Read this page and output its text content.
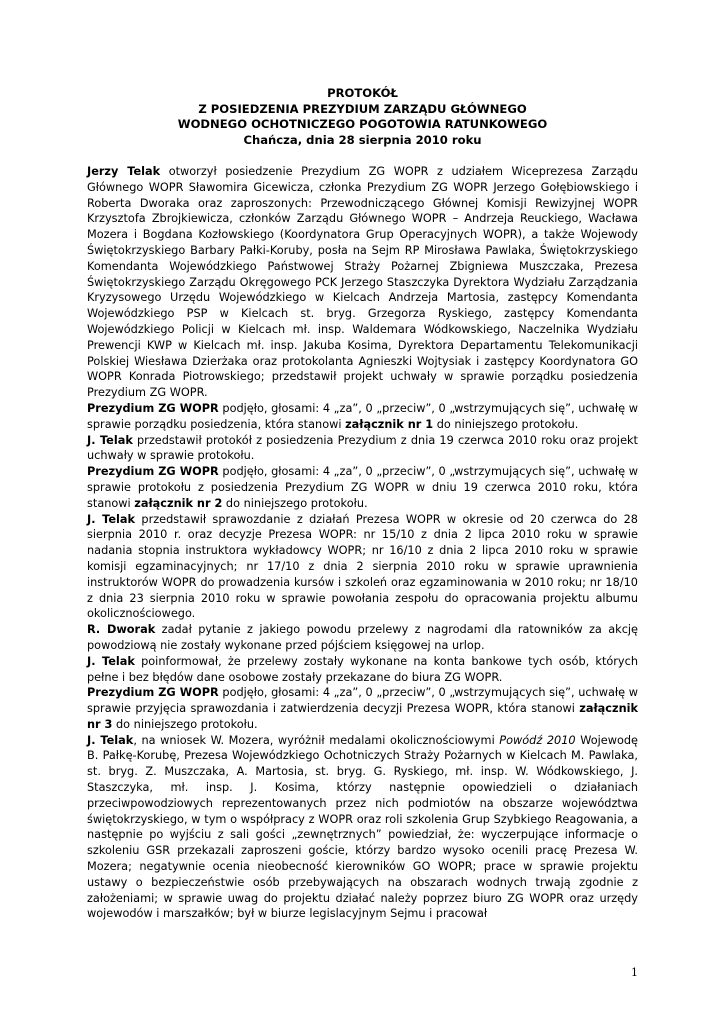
PROTOKÓŁ
Z POSIEDZENIA PREZYDIUM ZARZĄDU GŁÓWNEGO
WODNEGO OCHOTNICZEGO POGOTOWIA RATUNKOWEGO
Chańcza, dnia 28 sierpnia 2010 roku

Jerzy Telak otworzył posiedzenie Prezydium ZG WOPR z udziałem Wiceprezesa Zarządu Głównego WOPR Sławomira Gicewicza, członka Prezydium ZG WOPR Jerzego Gołębiowskiego i Roberta Dworaka oraz zaproszonych: Przewodniczącego Głównej Komisji Rewizyjnej WOPR Krzysztofa Zbrojkiewicza, członków Zarządu Głównego WOPR – Andrzeja Reuckiego, Wacława Mozera i Bogdana Kozłowskiego (Koordynatora Grup Operacyjnych WOPR), a także Wojewody Świętokrzyskiego Barbary Pałki-Koruby, posła na Sejm RP Mirosława Pawlaka, Świętokrzyskiego Komendanta Wojewódzkiego Państwowej Straży Pożarnej Zbigniewa Muszczaka, Prezesa Świętokrzyskiego Zarządu Okręgowego PCK Jerzego Staszczyka Dyrektora Wydziału Zarządzania Kryzysowego Urzędu Wojewódzkiego w Kielcach Andrzeja Martosia, zastępcy Komendanta Wojewódzkiego PSP w Kielcach st. bryg. Grzegorza Ryskiego, zastępcy Komendanta Wojewódzkiego Policji w Kielcach mł. insp. Waldemara Wódkowskiego, Naczelnika Wydziału Prewencji KWP w Kielcach mł. insp. Jakuba Kosima, Dyrektora Departamentu Telekomunikacji Polskiej Wiesława Dzierżaka oraz protokolanta Agnieszki Wojtysiak i zastępcy Koordynatora GO WOPR Konrada Piotrowskiego; przedstawił projekt uchwały w sprawie porządku posiedzenia Prezydium ZG WOPR.

Prezydium ZG WOPR podjęło, głosami: 4 „za”, 0 „przeciw”, 0 „wstrzymujących się”, uchwałę w sprawie porządku posiedzenia, która stanowi załącznik nr 1 do niniejszego protokołu.

J. Telak przedstawił protokół z posiedzenia Prezydium z dnia 19 czerwca 2010 roku oraz projekt uchwały w sprawie protokołu.

Prezydium ZG WOPR podjęło, głosami: 4 „za”, 0 „przeciw”, 0 „wstrzymujących się”, uchwałę w sprawie protokołu z posiedzenia Prezydium ZG WOPR w dniu 19 czerwca 2010 roku, która stanowi załącznik nr 2 do niniejszego protokołu.

J. Telak przedstawił sprawozdanie z działań Prezesa WOPR w okresie od 20 czerwca do 28 sierpnia 2010 r. oraz decyzje Prezesa WOPR: nr 15/10 z dnia 2 lipca 2010 roku w sprawie nadania stopnia instruktora wykładowcy WOPR; nr 16/10 z dnia 2 lipca 2010 roku w sprawie komisji egzaminacyjnych; nr 17/10 z dnia 2 sierpnia 2010 roku w sprawie uprawnienia instruktorów WOPR do prowadzenia kursów i szkoleń oraz egzaminowania w 2010 roku; nr 18/10 z dnia 23 sierpnia 2010 roku w sprawie powołania zespołu do opracowania projektu albumu okolicznościowego.

R. Dworak zadał pytanie z jakiego powodu przelewy z nagrodami dla ratowników za akcję powodziową nie zostały wykonane przed pójściem księgowej na urlop.

J. Telak poinformował, że przelewy zostały wykonane na konta bankowe tych osób, których pełne i bez błędów dane osobowe zostały przekazane do biura ZG WOPR.

Prezydium ZG WOPR podjęło, głosami: 4 „za”, 0 „przeciw”, 0 „wstrzymujących się”, uchwałę w sprawie przyjęcia sprawozdania i zatwierdzenia decyzji Prezesa WOPR, która stanowi załącznik nr 3 do niniejszego protokołu.

J. Telak, na wniosek W. Mozera, wyróżnił medalami okolicznościowymi Powódź 2010 Wojewodę B. Pałkę-Korubę, Prezesa Wojewódzkiego Ochotniczych Straży Pożarnych w Kielcach M. Pawlaka, st. bryg. Z. Muszczaka, A. Martosia, st. bryg. G. Ryskiego, mł. insp. W. Wódkowskiego, J. Staszczyka, mł. insp. J. Kosima, którzy następnie opowiedzieli o działaniach przeciwpowodziowych reprezentowanych przez nich podmiotów na obszarze województwa świętokrzyskiego, w tym o współpracy z WOPR oraz roli szkolenia Grup Szybkiego Reagowania, a następnie po wyjściu z sali gości „zewnętrznych” powiedział, że: wyczerpujące informacje o szkoleniu GSR przekazali zaproszeni goście, którzy bardzo wysoko ocenili pracę Prezesa W. Mozera; negatywnie ocenia nieobecność kierowników GO WOPR; prace w sprawie projektu ustawy o bezpieczeństwie osób przebywających na obszarach wodnych trwają zgodnie z założeniami; w sprawie uwag do projektu działać należy poprzez biuro ZG WOPR oraz urzędy wojewodów i marszałków; był w biurze legislacyjnym Sejmu i pracował

1
